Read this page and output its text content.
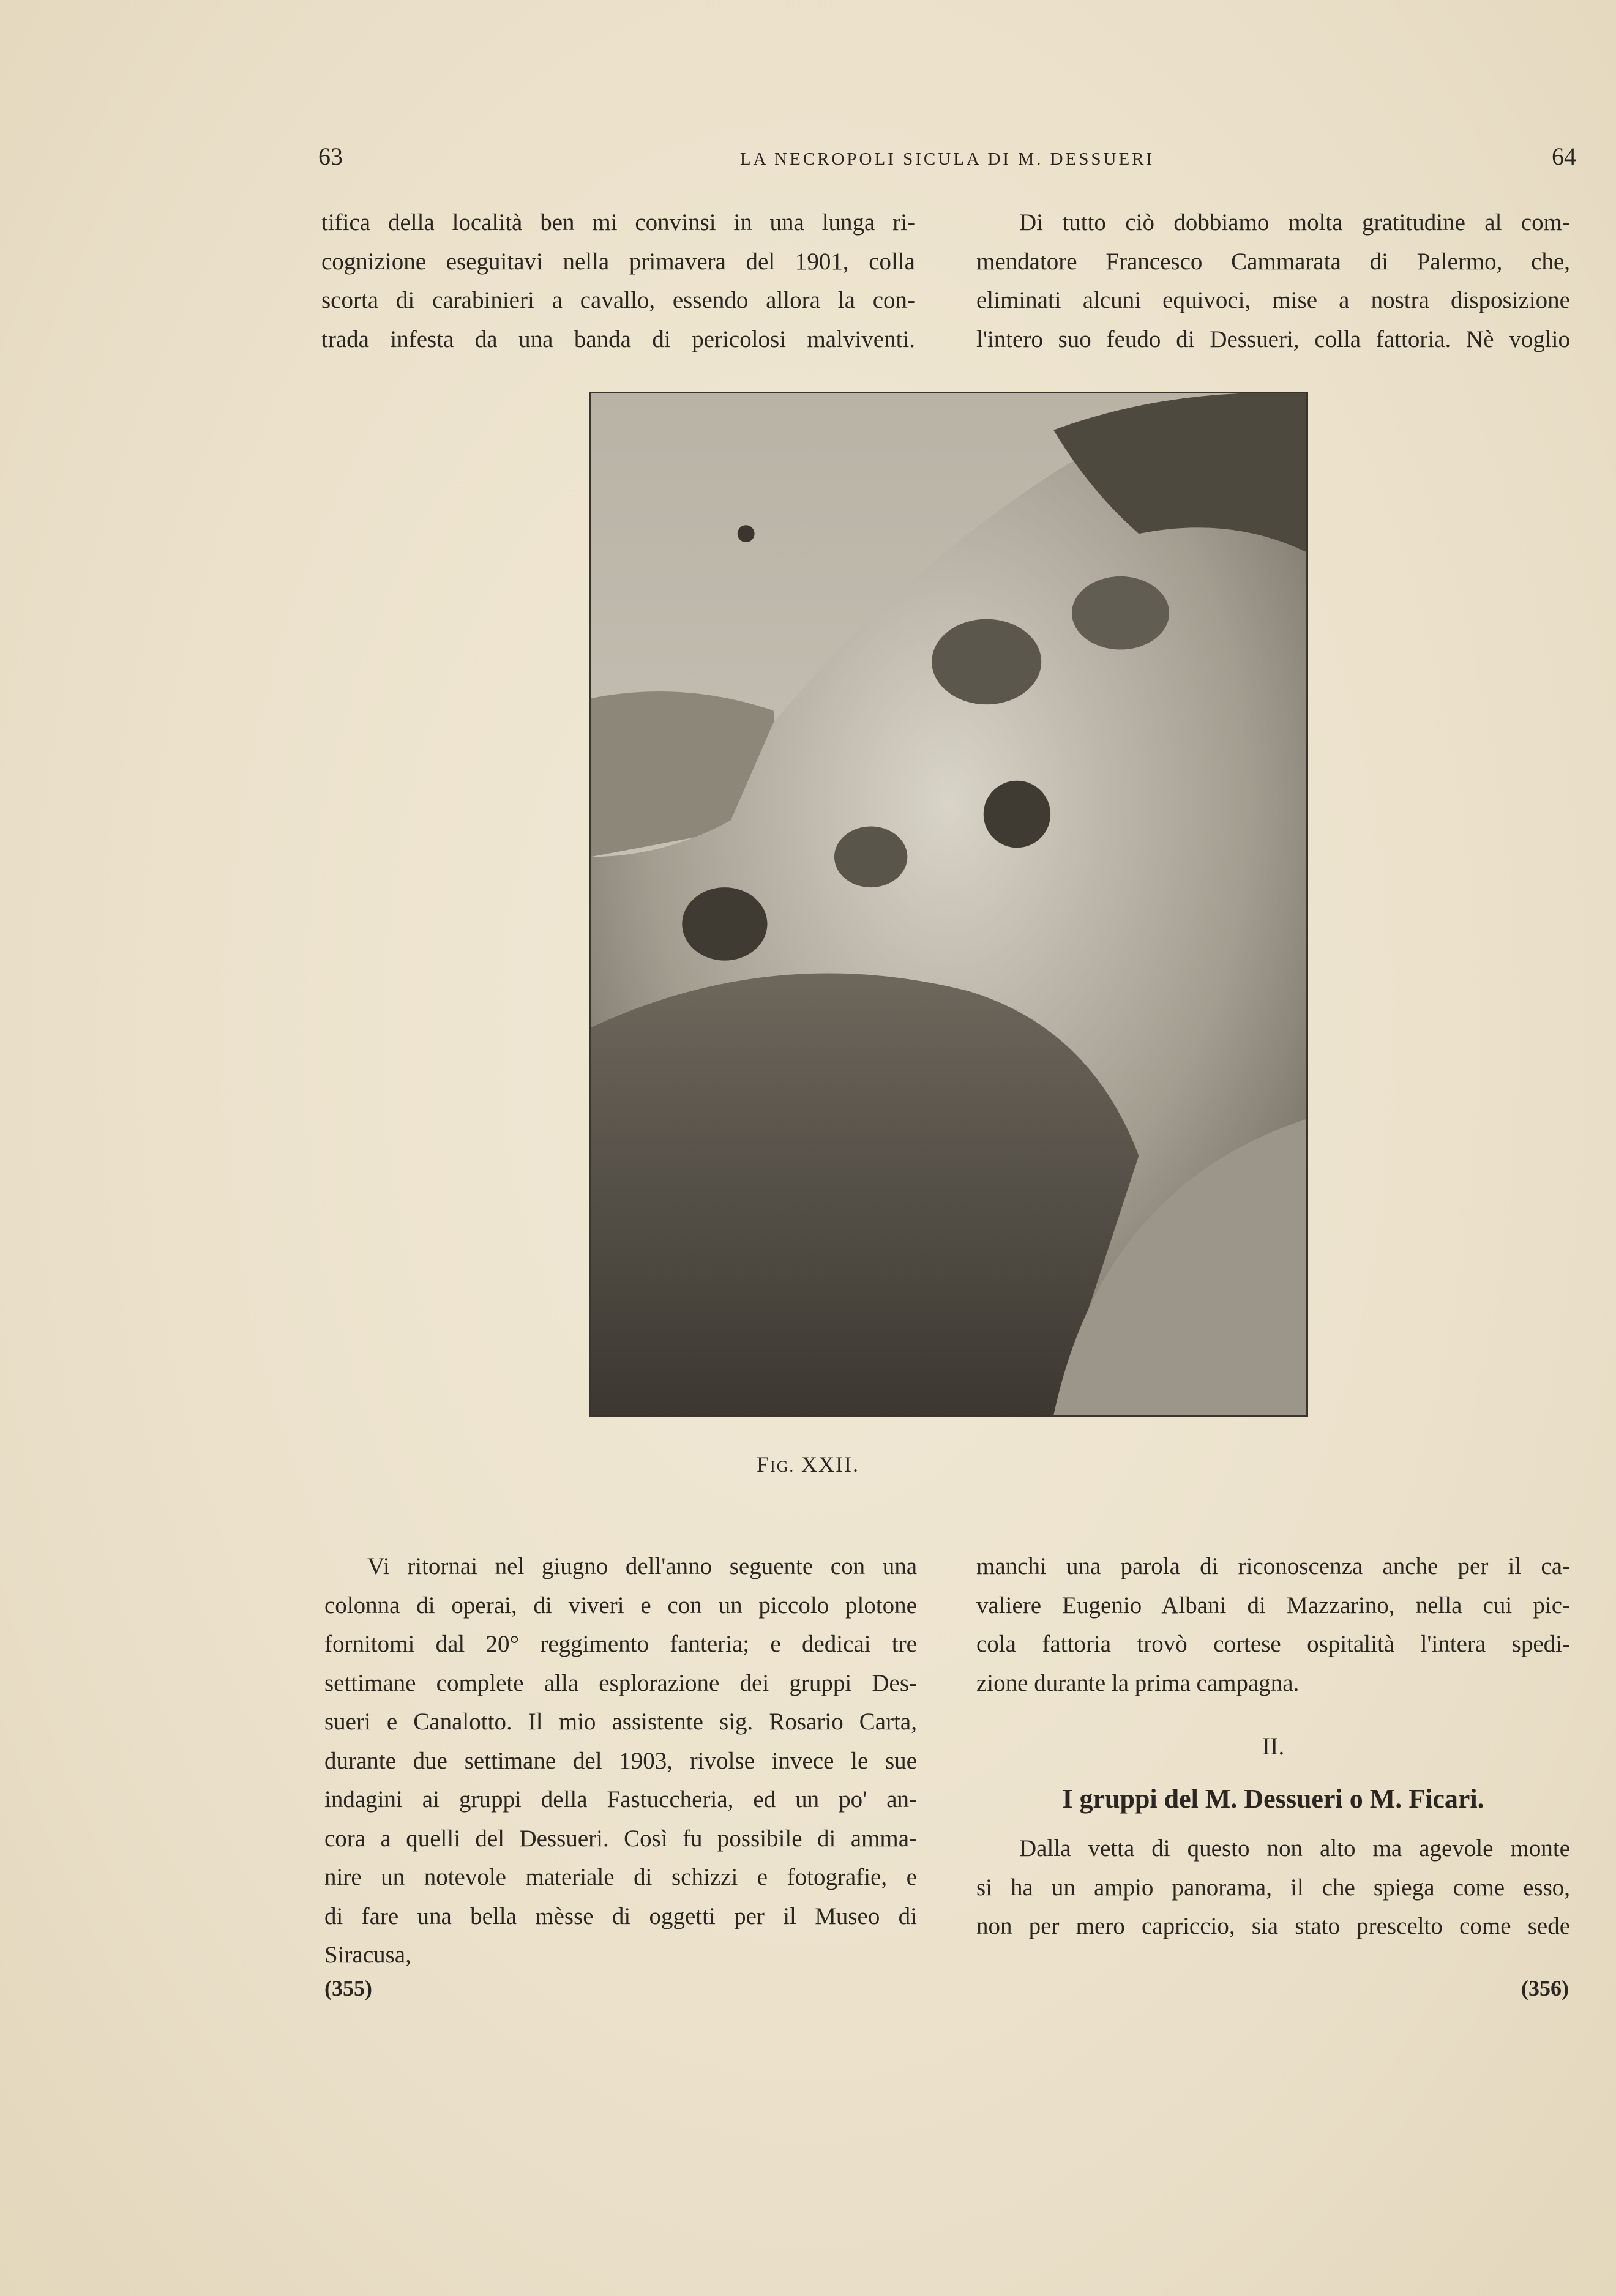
63	LA NECROPOLI SICULA DI M. DESSUERI	64
tifica della località ben mi convinsi in una lunga ri-
cognizione eseguitavi nella primavera del 1901, colla
scorta di carabinieri a cavallo, essendo allora la con-
trada infesta da una banda di pericolosi malviventi.
Di tutto ciò dobbiamo molta gratitudine al com-
mendatore Francesco Cammarata di Palermo, che,
eliminati alcuni equivoci, mise a nostra disposizione
l'intero suo feudo di Dessueri, colla fattoria. Nè voglio
FIG. XXII.
Vi ritornai nel giugno dell'anno seguente con una
colonna di operai, di viveri e con un piccolo plotone
fornitomi dal 20° reggimento fanteria; e dedicai tre
settimane complete alla esplorazione dei gruppi Des-
sueri e Canalotto. Il mio assistente sig. Rosario Carta,
durante due settimane del 1903, rivolse invece le sue
indagini ai gruppi della Fastuccheria, ed un po' an-
cora a quelli del Dessueri. Così fu possibile di amma-
nire un notevole materiale di schizzi e fotografie, e
di fare una bella mèsse di oggetti per il Museo di
Siracusa,
manchi una parola di riconoscenza anche per il ca-
valiere Eugenio Albani di Mazzarino, nella cui pic-
cola fattoria trovò cortese ospitalità l'intera spedi-
zione durante la prima campagna.
II.
I gruppi del M. Dessueri o M. Ficari.
Dalla vetta di questo non alto ma agevole monte
si ha un ampio panorama, il che spiega come esso,
non per mero capriccio, sia stato prescelto come sede
(355)	(356)
